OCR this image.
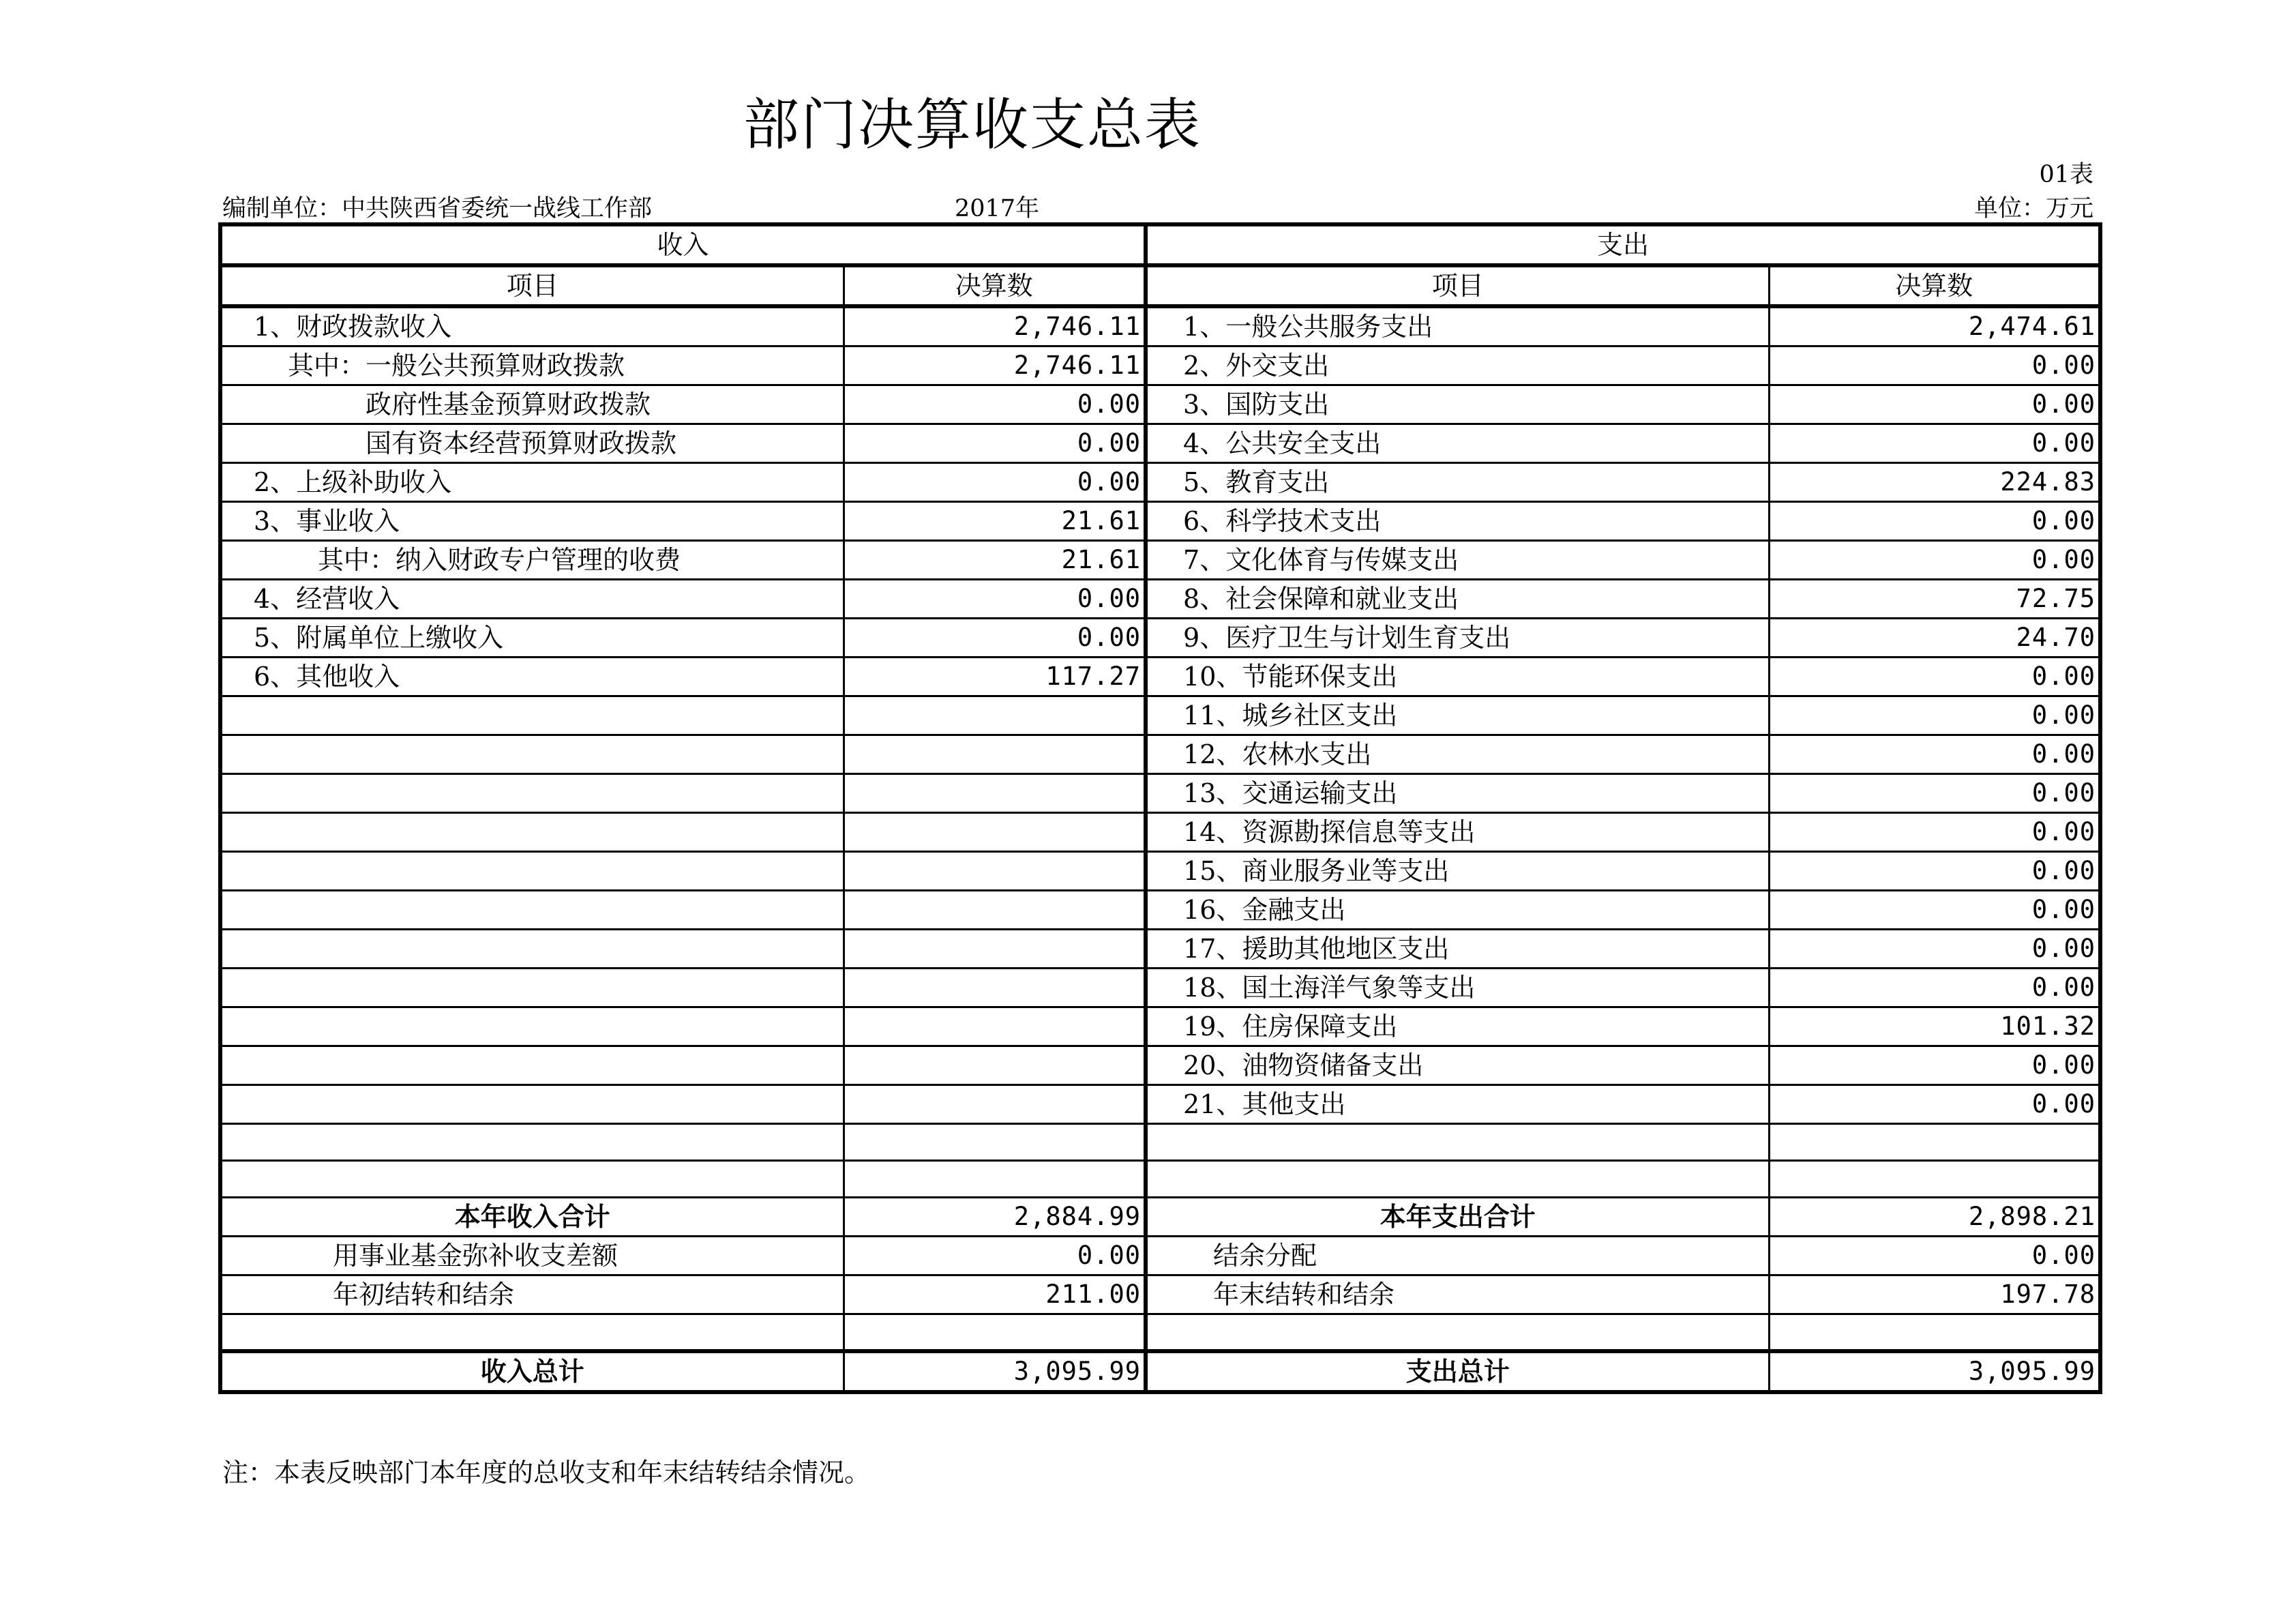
部门决算收支总表
01表
编制单位：中共陕西省委统一战线工作部	2017年	单位：万元
收入		支出	
项目	决算数	项目	决算数
1、财政拨款收入	2,746.11	1、一般公共服务支出	2,474.61
其中：一般公共预算财政拨款	2,746.11	2、外交支出	0.00
政府性基金预算财政拨款	0.00	3、国防支出	0.00
国有资本经营预算财政拨款	0.00	4、公共安全支出	0.00
2、上级补助收入	0.00	5、教育支出	224.83
3、事业收入	21.61	6、科学技术支出	0.00
其中：纳入财政专户管理的收费	21.61	7、文化体育与传媒支出	0.00
4、经营收入	0.00	8、社会保障和就业支出	72.75
5、附属单位上缴收入	0.00	9、医疗卫生与计划生育支出	24.70
6、其他收入	117.27	10、节能环保支出	0.00
		11、城乡社区支出	0.00
		12、农林水支出	0.00
		13、交通运输支出	0.00
		14、资源勘探信息等支出	0.00
		15、商业服务业等支出	0.00
		16、金融支出	0.00
		17、援助其他地区支出	0.00
		18、国土海洋气象等支出	0.00
		19、住房保障支出	101.32
		20、油物资储备支出	0.00
		21、其他支出	0.00

本年收入合计	2,884.99	本年支出合计	2,898.21
用事业基金弥补收支差额	0.00	结余分配	0.00
年初结转和结余	211.00	年末结转和结余	197.78

收入总计	3,095.99	支出总计	3,095.99
注：本表反映部门本年度的总收支和年末结转结余情况。
